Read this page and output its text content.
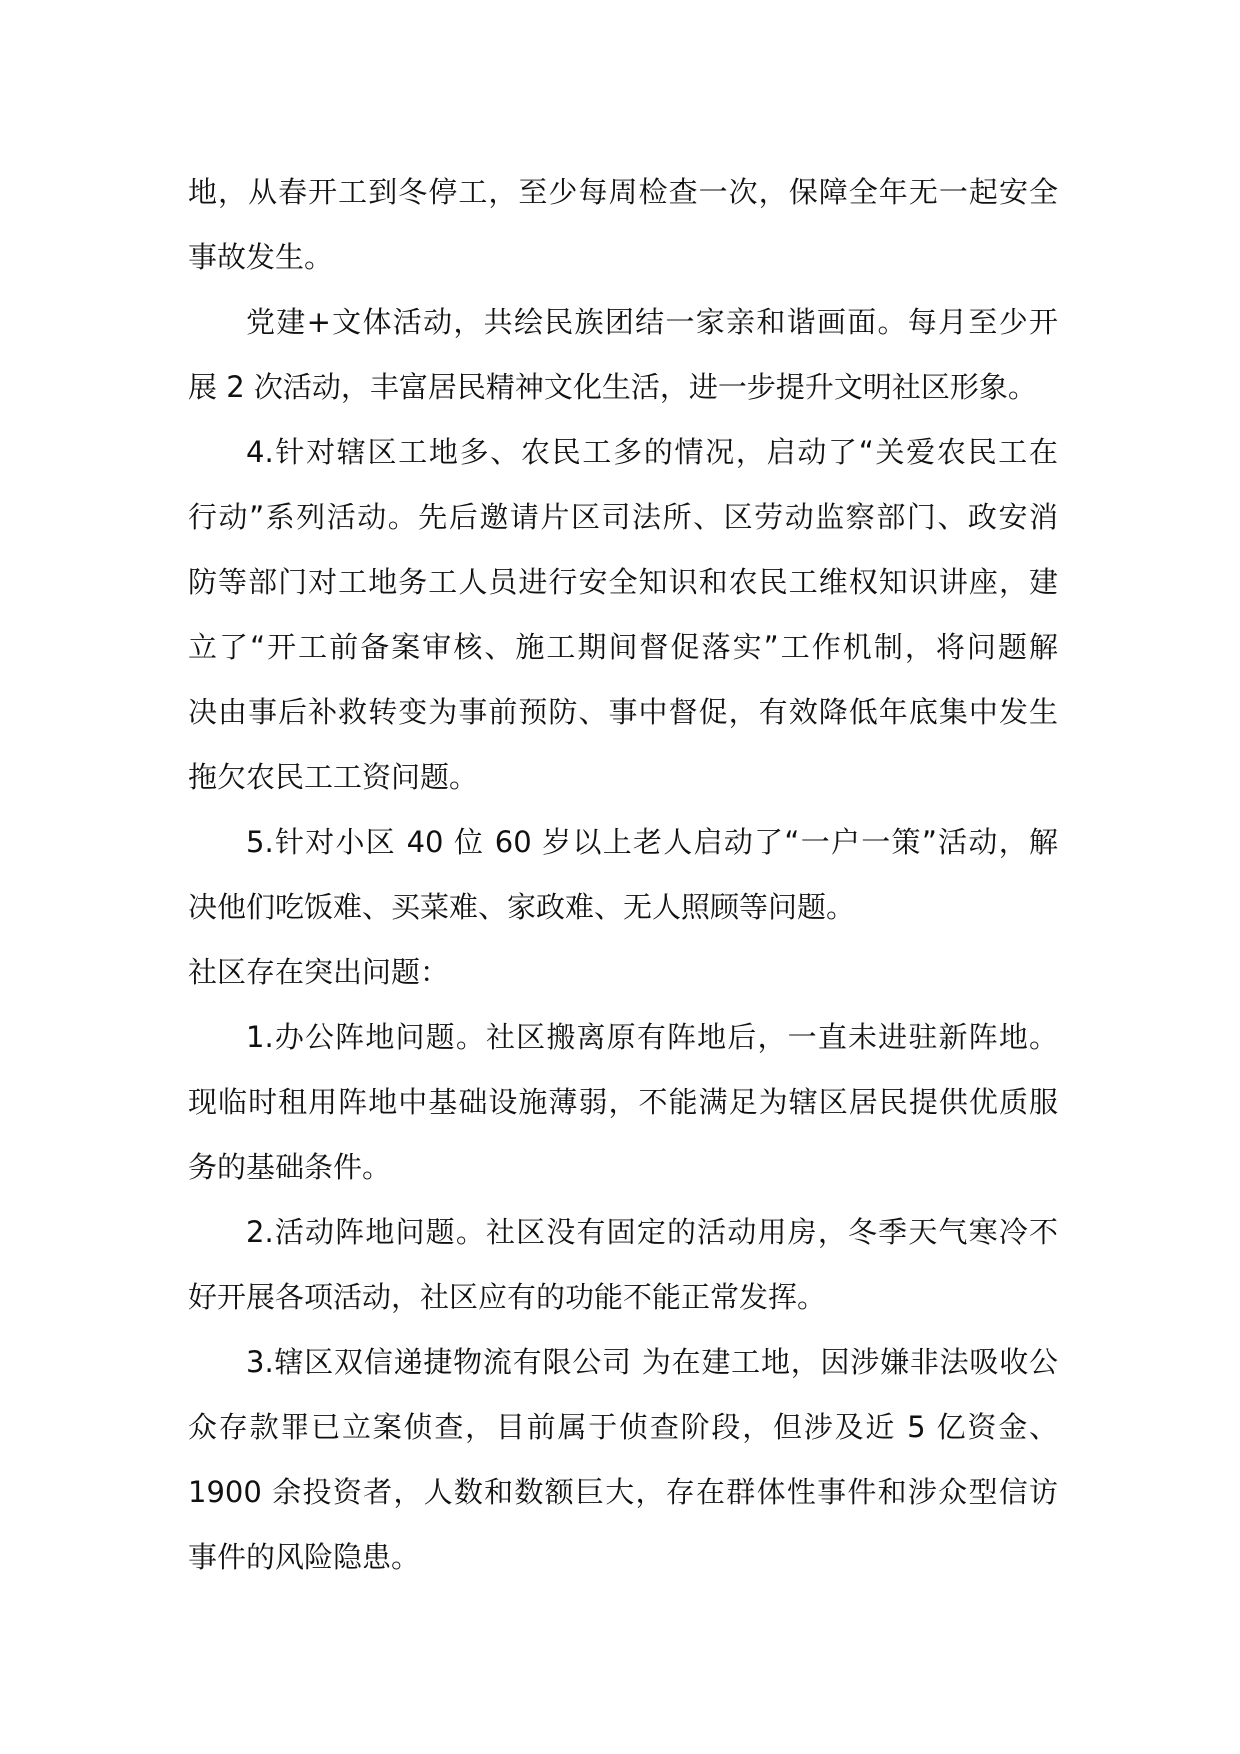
地，从春开工到冬停工，至少每周检查一次，保障全年无一起安全
事故发生。

党建+文体活动，共绘民族团结一家亲和谐画面。每月至少开
展 2 次活动，丰富居民精神文化生活，进一步提升文明社区形象。

4.针对辖区工地多、农民工多的情况，启动了“关爱农民工在
行动”系列活动。先后邀请片区司法所、区劳动监察部门、政安消
防等部门对工地务工人员进行安全知识和农民工维权知识讲座，建
立了“开工前备案审核、施工期间督促落实”工作机制，将问题解
决由事后补救转变为事前预防、事中督促，有效降低年底集中发生
拖欠农民工工资问题。

5.针对小区 40 位 60 岁以上老人启动了“一户一策”活动，解
决他们吃饭难、买菜难、家政难、无人照顾等问题。

社区存在突出问题：

1.办公阵地问题。社区搬离原有阵地后，一直未进驻新阵地。
现临时租用阵地中基础设施薄弱，不能满足为辖区居民提供优质服
务的基础条件。

2.活动阵地问题。社区没有固定的活动用房，冬季天气寒冷不
好开展各项活动，社区应有的功能不能正常发挥。

3.辖区双信递捷物流有限公司 为在建工地，因涉嫌非法吸收公
众存款罪已立案侦查，目前属于侦查阶段，但涉及近 5 亿资金、
1900 余投资者，人数和数额巨大，存在群体性事件和涉众型信访
事件的风险隐患。
